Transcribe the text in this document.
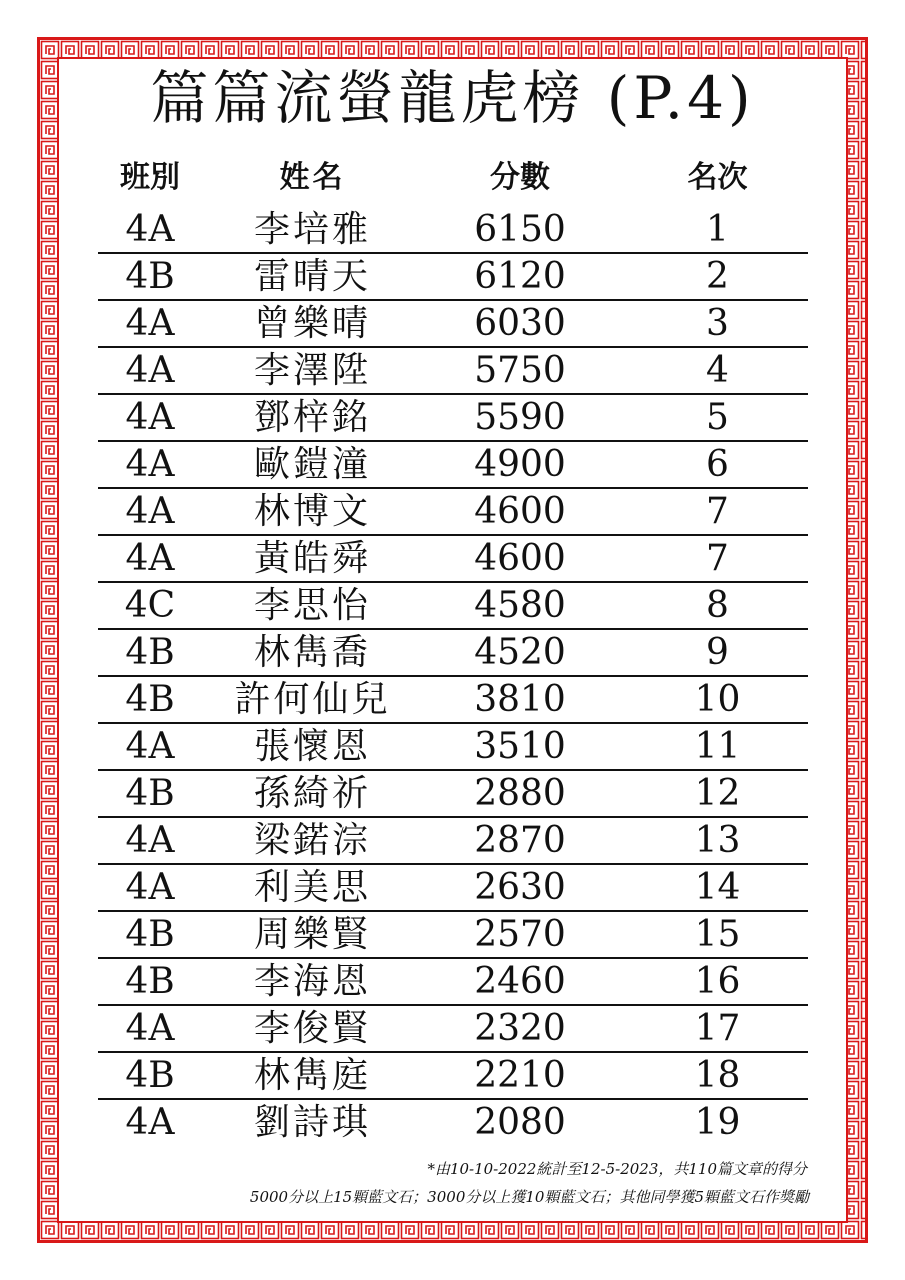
篇篇流螢龍虎榜 (P.4)
班別	姓名	分數	名次
4A	李培雅	6150	1
4B	雷晴天	6120	2
4A	曾樂晴	6030	3
4A	李澤陞	5750	4
4A	鄧梓銘	5590	5
4A	歐鎧潼	4900	6
4A	林博文	4600	7
4A	黃皓舜	4600	7
4C	李思怡	4580	8
4B	林雋喬	4520	9
4B	許何仙兒	3810	10
4A	張懷恩	3510	11
4B	孫綺祈	2880	12
4A	梁鍩淙	2870	13
4A	利美思	2630	14
4B	周樂賢	2570	15
4B	李海恩	2460	16
4A	李俊賢	2320	17
4B	林雋庭	2210	18
4A	劉詩琪	2080	19
*由10-10-2022統計至12-5-2023，共110篇文章的得分
5000分以上15顆藍文石；3000分以上獲10顆藍文石；其他同學獲5顆藍文石作獎勵
